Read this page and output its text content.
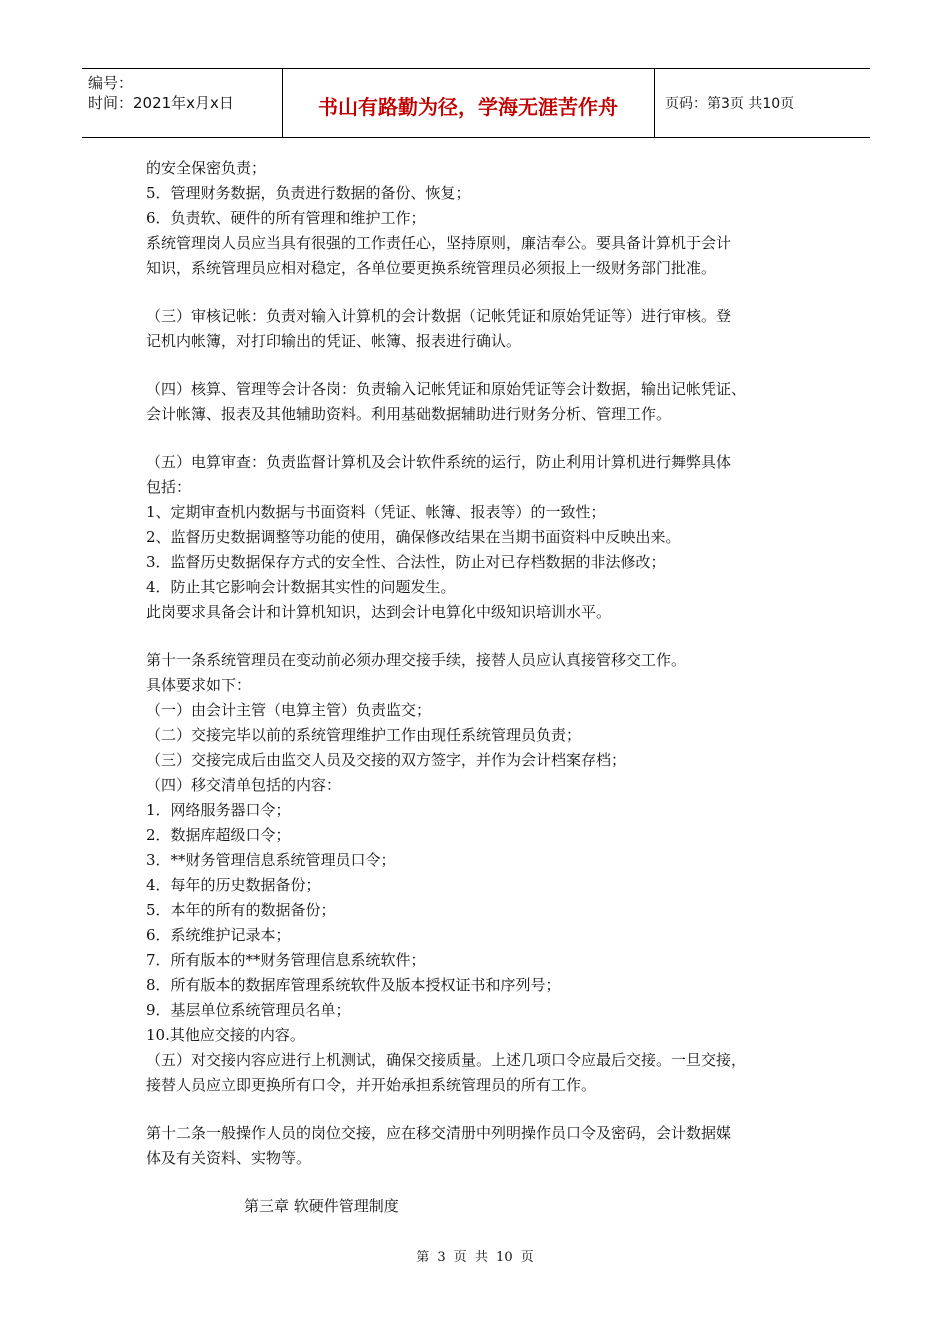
编号：
时间：2021年x月x日	书山有路勤为径，学海无涯苦作舟	页码：第3页 共10页
的安全保密负责；
5．管理财务数据，负责进行数据的备份、恢复；
6．负责软、硬件的所有管理和维护工作；
系统管理岗人员应当具有很强的工作责任心，坚持原则，廉洁奉公。要具备计算机于会计
知识，系统管理员应相对稳定，各单位要更换系统管理员必须报上一级财务部门批准。
（三）审核记帐：负责对输入计算机的会计数据（记帐凭证和原始凭证等）进行审核。登
记机内帐簿，对打印输出的凭证、帐簿、报表进行确认。
（四）核算、管理等会计各岗：负责输入记帐凭证和原始凭证等会计数据，输出记帐凭证、
会计帐簿、报表及其他辅助资料。利用基础数据辅助进行财务分析、管理工作。
（五）电算审查：负责监督计算机及会计软件系统的运行，防止利用计算机进行舞弊具体
包括：
1、定期审查机内数据与书面资料（凭证、帐簿、报表等）的一致性；
2、监督历史数据调整等功能的使用，确保修改结果在当期书面资料中反映出来。
3．监督历史数据保存方式的安全性、合法性，防止对已存档数据的非法修改；
4．防止其它影响会计数据其实性的问题发生。
此岗要求具备会计和计算机知识，达到会计电算化中级知识培训水平。
第十一条系统管理员在变动前必须办理交接手续，接替人员应认真接管移交工作。
具体要求如下：
（一）由会计主管（电算主管）负责监交；
（二）交接完毕以前的系统管理维护工作由现任系统管理员负责；
（三）交接完成后由监交人员及交接的双方签字，并作为会计档案存档；
（四）移交清单包括的内容：
1．网络服务器口令；
2．数据库超级口令；
3．**财务管理信息系统管理员口令；
4．每年的历史数据备份；
5．本年的所有的数据备份；
6．系统维护记录本；
7．所有版本的**财务管理信息系统软件；
8．所有版本的数据库管理系统软件及版本授权证书和序列号；
9．基层单位系统管理员名单；
10.其他应交接的内容。
（五）对交接内容应进行上机测试，确保交接质量。上述几项口令应最后交接。一旦交接，
接替人员应立即更换所有口令，并开始承担系统管理员的所有工作。
第十二条一般操作人员的岗位交接，应在移交清册中列明操作员口令及密码，会计数据媒
体及有关资料、实物等。
第三章 软硬件管理制度
第 3 页 共 10 页
